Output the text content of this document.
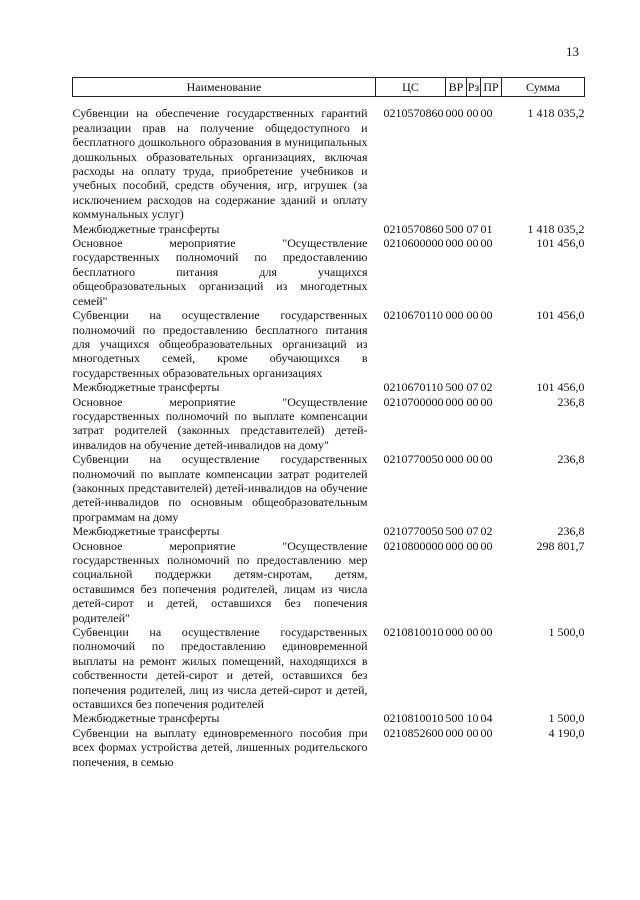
13
Наименование	ЦС	ВР	Рз	ПР	Сумма
Субвенции на обеспечение государственных гарантий реализации прав на получение общедоступного и бесплатного дошкольного образования в муниципальных дошкольных образовательных организациях, включая расходы на оплату труда, приобретение учебников и учебных пособий, средств обучения, игр, игрушек (за исключением расходов на содержание зданий и оплату коммунальных услуг)	0210570860	000	00	00	1 418 035,2
Межбюджетные трансферты	0210570860	500	07	01	1 418 035,2
Основное мероприятие "Осуществление государственных полномочий по предоставлению бесплатного питания для учащихся общеобразовательных организаций из многодетных семей"	0210600000	000	00	00	101 456,0
Субвенции на осуществление государственных полномочий по предоставлению бесплатного питания для учащихся общеобразовательных организаций из многодетных семей, кроме обучающихся в государственных образовательных организациях	0210670110	000	00	00	101 456,0
Межбюджетные трансферты	0210670110	500	07	02	101 456,0
Основное мероприятие "Осуществление государственных полномочий по выплате компенсации затрат родителей (законных представителей) детей-инвалидов на обучение детей-инвалидов на дому"	0210700000	000	00	00	236,8
Субвенции на осуществление государственных полномочий по выплате компенсации затрат родителей (законных представителей) детей-инвалидов на обучение детей-инвалидов по основным общеобразовательным программам на дому	0210770050	000	00	00	236,8
Межбюджетные трансферты	0210770050	500	07	02	236,8
Основное мероприятие "Осуществление государственных полномочий по предоставлению мер социальной поддержки детям-сиротам, детям, оставшимся без попечения родителей, лицам из числа детей-сирот и детей, оставшихся без попечения родителей"	0210800000	000	00	00	298 801,7
Субвенции на осуществление государственных полномочий по предоставлению единовременной выплаты на ремонт жилых помещений, находящихся в собственности детей-сирот и детей, оставшихся без попечения родителей, лиц из числа детей-сирот и детей, оставшихся без попечения родителей	0210810010	000	00	00	1 500,0
Межбюджетные трансферты	0210810010	500	10	04	1 500,0
Субвенции на выплату единовременного пособия при всех формах устройства детей, лишенных родительского попечения, в семью	0210852600	000	00	00	4 190,0
